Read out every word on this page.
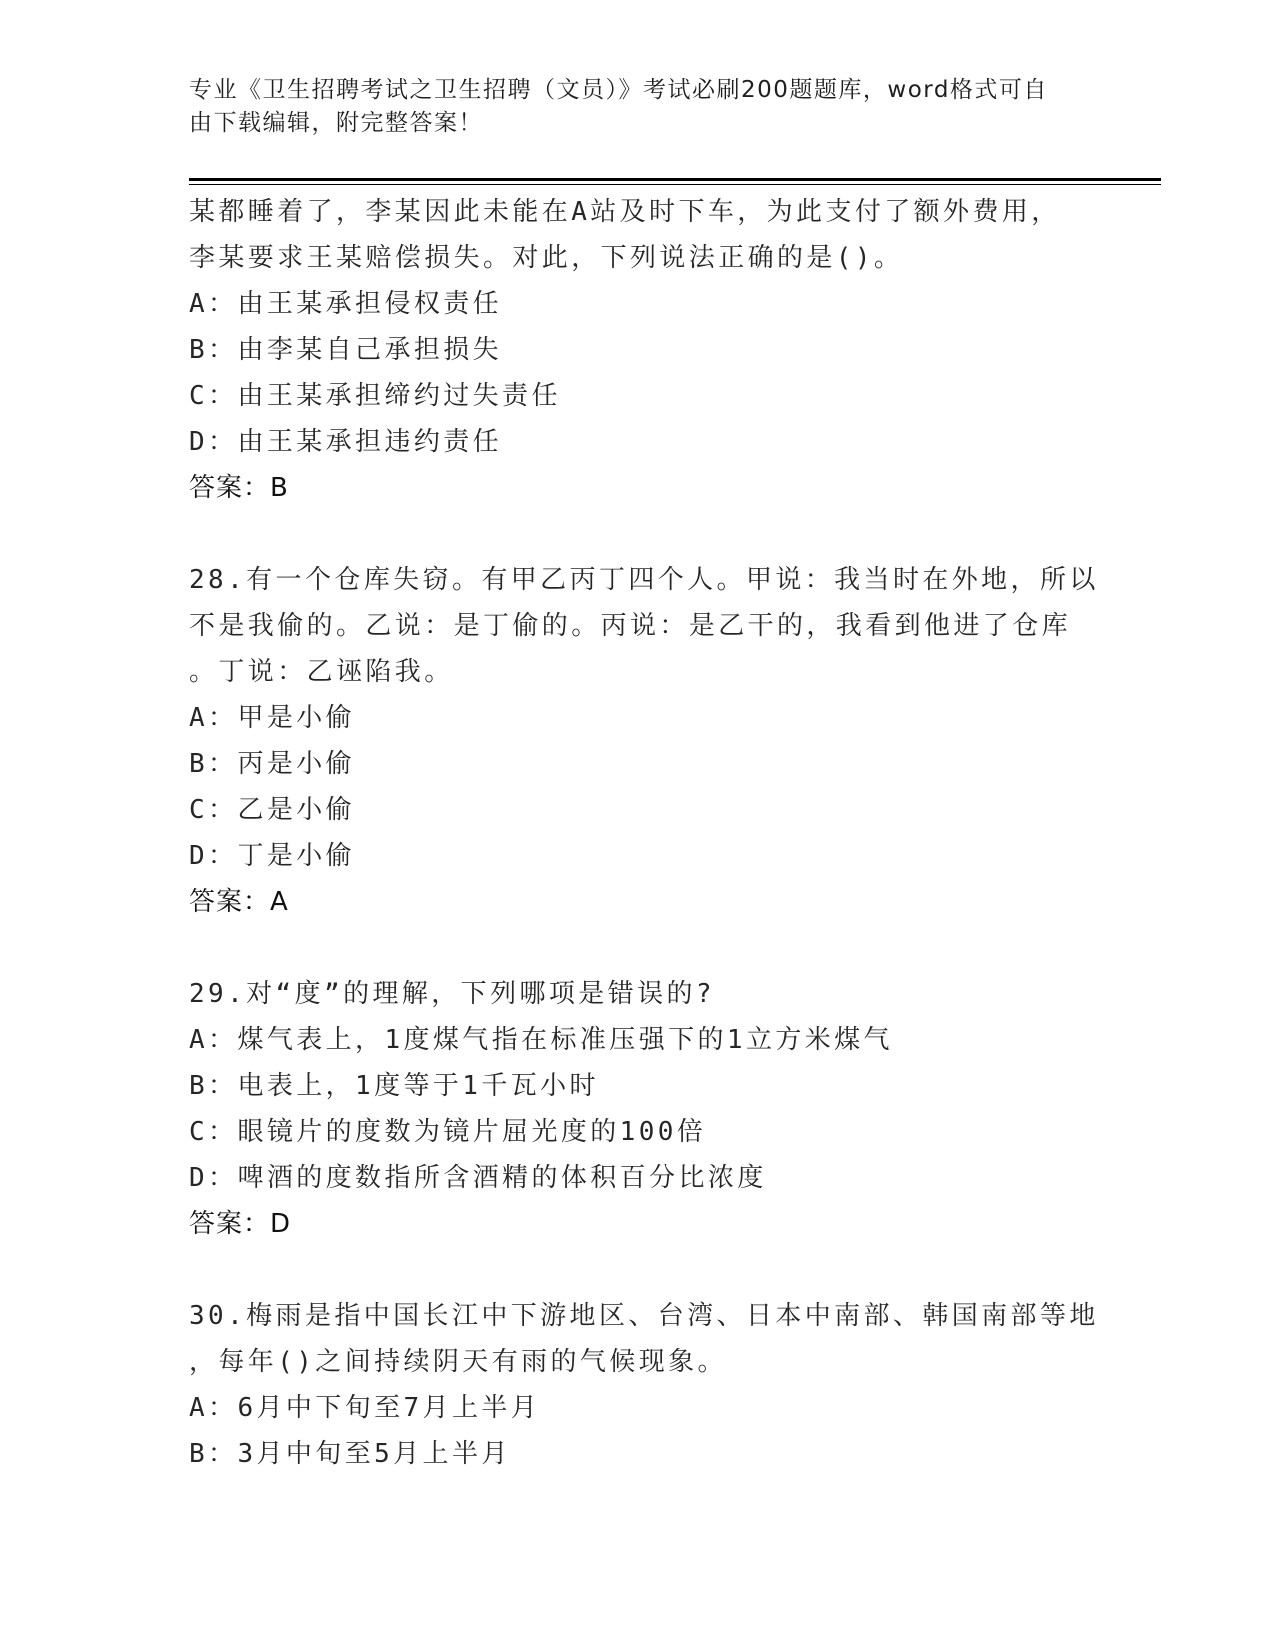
专业《卫生招聘考试之卫生招聘（文员）》考试必刷200题题库，word格式可自
由下载编辑，附完整答案！
某都睡着了，李某因此未能在A站及时下车，为此支付了额外费用，
李某要求王某赔偿损失。对此，下列说法正确的是()。
A：由王某承担侵权责任
B：由李某自己承担损失
C：由王某承担缔约过失责任
D：由王某承担违约责任
答案：B
28.有一个仓库失窃。有甲乙丙丁四个人。甲说：我当时在外地，所以
不是我偷的。乙说：是丁偷的。丙说：是乙干的，我看到他进了仓库
。丁说：乙诬陷我。
A：甲是小偷
B：丙是小偷
C：乙是小偷
D：丁是小偷
答案：A
29.对“度”的理解，下列哪项是错误的?
A：煤气表上，1度煤气指在标准压强下的1立方米煤气
B：电表上，1度等于1千瓦小时
C：眼镜片的度数为镜片屈光度的100倍
D：啤酒的度数指所含酒精的体积百分比浓度
答案：D
30.梅雨是指中国长江中下游地区、台湾、日本中南部、韩国南部等地
，每年()之间持续阴天有雨的气候现象。
A：6月中下旬至7月上半月
B：3月中旬至5月上半月
